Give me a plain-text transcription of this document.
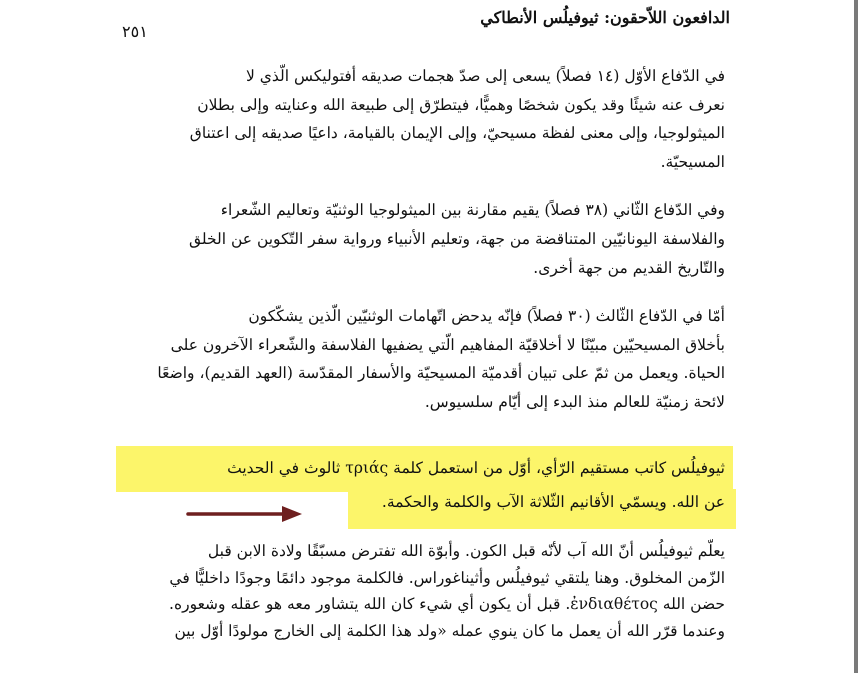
الدافعون اللاّحقون: ثيوفيلُس الأنطاكي
٢٥١

في الدّفاع الأوّل (١٤ فصلاً) يسعى إلى صدّ هجمات صديقه أفتوليكس الّذي لا
نعرف عنه شيئًا وقد يكون شخصًا وهميًّا، فيتطرّق إلى طبيعة الله وعنايته وإلى بطلان
الميثولوجيا، وإلى معنى لفظة مسيحيّ، وإلى الإيمان بالقيامة، داعيًا صديقه إلى اعتناق
المسيحيّة.

وفي الدّفاع الثّاني (٣٨ فصلاً) يقيم مقارنة بين الميثولوجيا الوثنيّة وتعاليم الشّعراء
والفلاسفة اليونانيّين المتناقضة من جهة، وتعليم الأنبياء ورواية سفر التّكوين عن الخلق
والتّاريخ القديم من جهة أخرى.

أمّا في الدّفاع الثّالث (٣٠ فصلاً) فإنّه يدحض اتّهامات الوثنيّين الّذين يشكّكون
بأخلاق المسيحيّين مبيّنًا لا أخلاقيّة المفاهيم الّتي يضفيها الفلاسفة والشّعراء الآخرون على
الحياة. ويعمل من ثمّ على تبيان أقدميّة المسيحيّة والأسفار المقدّسة (العهد القديم)، واضعًا
لائحة زمنيّة للعالم منذ البدء إلى أيّام سلسيوس.

ثيوفيلُس كاتب مستقيم الرّأي، أوّل من استعمل كلمة τριάς ثالوث في الحديث
عن الله. ويسمّي الأقانيم الثّلاثة الآب والكلمة والحكمة.
يعلّم ثيوفيلُس أنّ الله آب لأنّه قبل الكون. وأبوّة الله تفترض مسبّقًا ولادة الابن قبل
الزّمن المخلوق. وهنا يلتقي ثيوفيلُس وأثيناغوراس. فالكلمة موجود دائمًا وجودًا داخليًّا في
حضن الله ἐνδιαθέτος. قبل أن يكون أي شيء كان الله يتشاور معه هو عقله وشعوره.
وعندما قرّر الله أن يعمل ما كان ينوي عمله «ولد هذا الكلمة إلى الخارج مولودًا أوّل بين
